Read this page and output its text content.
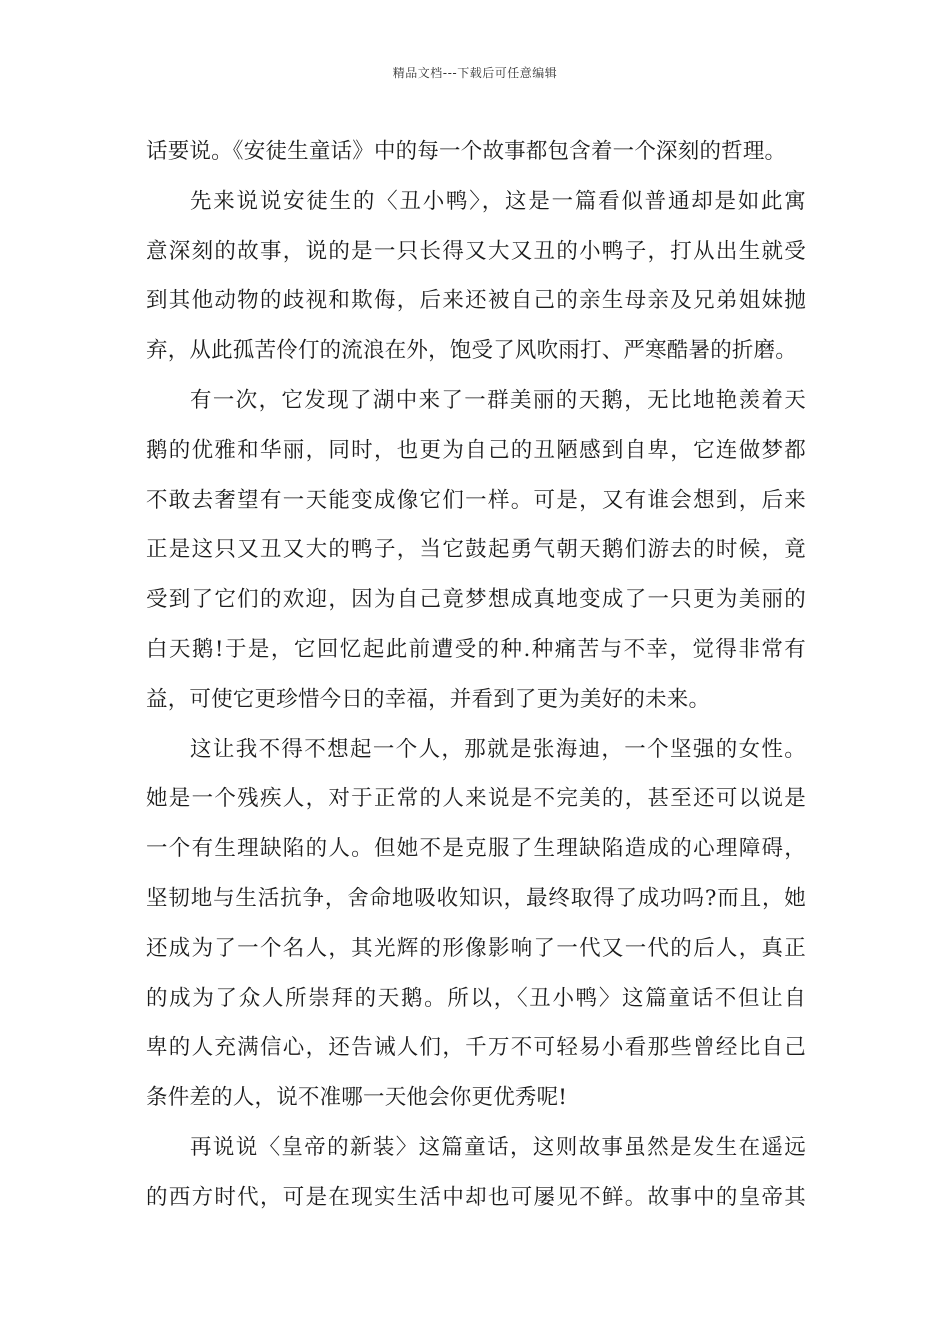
精品文档---下载后可任意编辑
话要说。《安徒生童话》中的每一个故事都包含着一个深刻的哲理。
先来说说安徒生的〈丑小鸭〉，这是一篇看似普通却是如此寓
意深刻的故事，说的是一只长得又大又丑的小鸭子，打从出生就受
到其他动物的歧视和欺侮，后来还被自己的亲生母亲及兄弟姐妹抛
弃，从此孤苦伶仃的流浪在外，饱受了风吹雨打、严寒酷暑的折磨。
有一次，它发现了湖中来了一群美丽的天鹅，无比地艳羡着天
鹅的优雅和华丽，同时，也更为自己的丑陋感到自卑，它连做梦都
不敢去奢望有一天能变成像它们一样。可是，又有谁会想到，后来
正是这只又丑又大的鸭子，当它鼓起勇气朝天鹅们游去的时候，竟
受到了它们的欢迎，因为自己竟梦想成真地变成了一只更为美丽的
白天鹅!于是，它回忆起此前遭受的种.种痛苦与不幸，觉得非常有
益，可使它更珍惜今日的幸福，并看到了更为美好的未来。
这让我不得不想起一个人，那就是张海迪，一个坚强的女性。
她是一个残疾人，对于正常的人来说是不完美的，甚至还可以说是
一个有生理缺陷的人。但她不是克服了生理缺陷造成的心理障碍，
坚韧地与生活抗争，舍命地吸收知识，最终取得了成功吗?而且，她
还成为了一个名人，其光辉的形像影响了一代又一代的后人，真正
的成为了众人所崇拜的天鹅。所以，〈丑小鸭〉这篇童话不但让自
卑的人充满信心，还告诫人们，千万不可轻易小看那些曾经比自己
条件差的人，说不准哪一天他会你更优秀呢!
再说说〈皇帝的新装〉这篇童话，这则故事虽然是发生在遥远
的西方时代，可是在现实生活中却也可屡见不鲜。故事中的皇帝其
